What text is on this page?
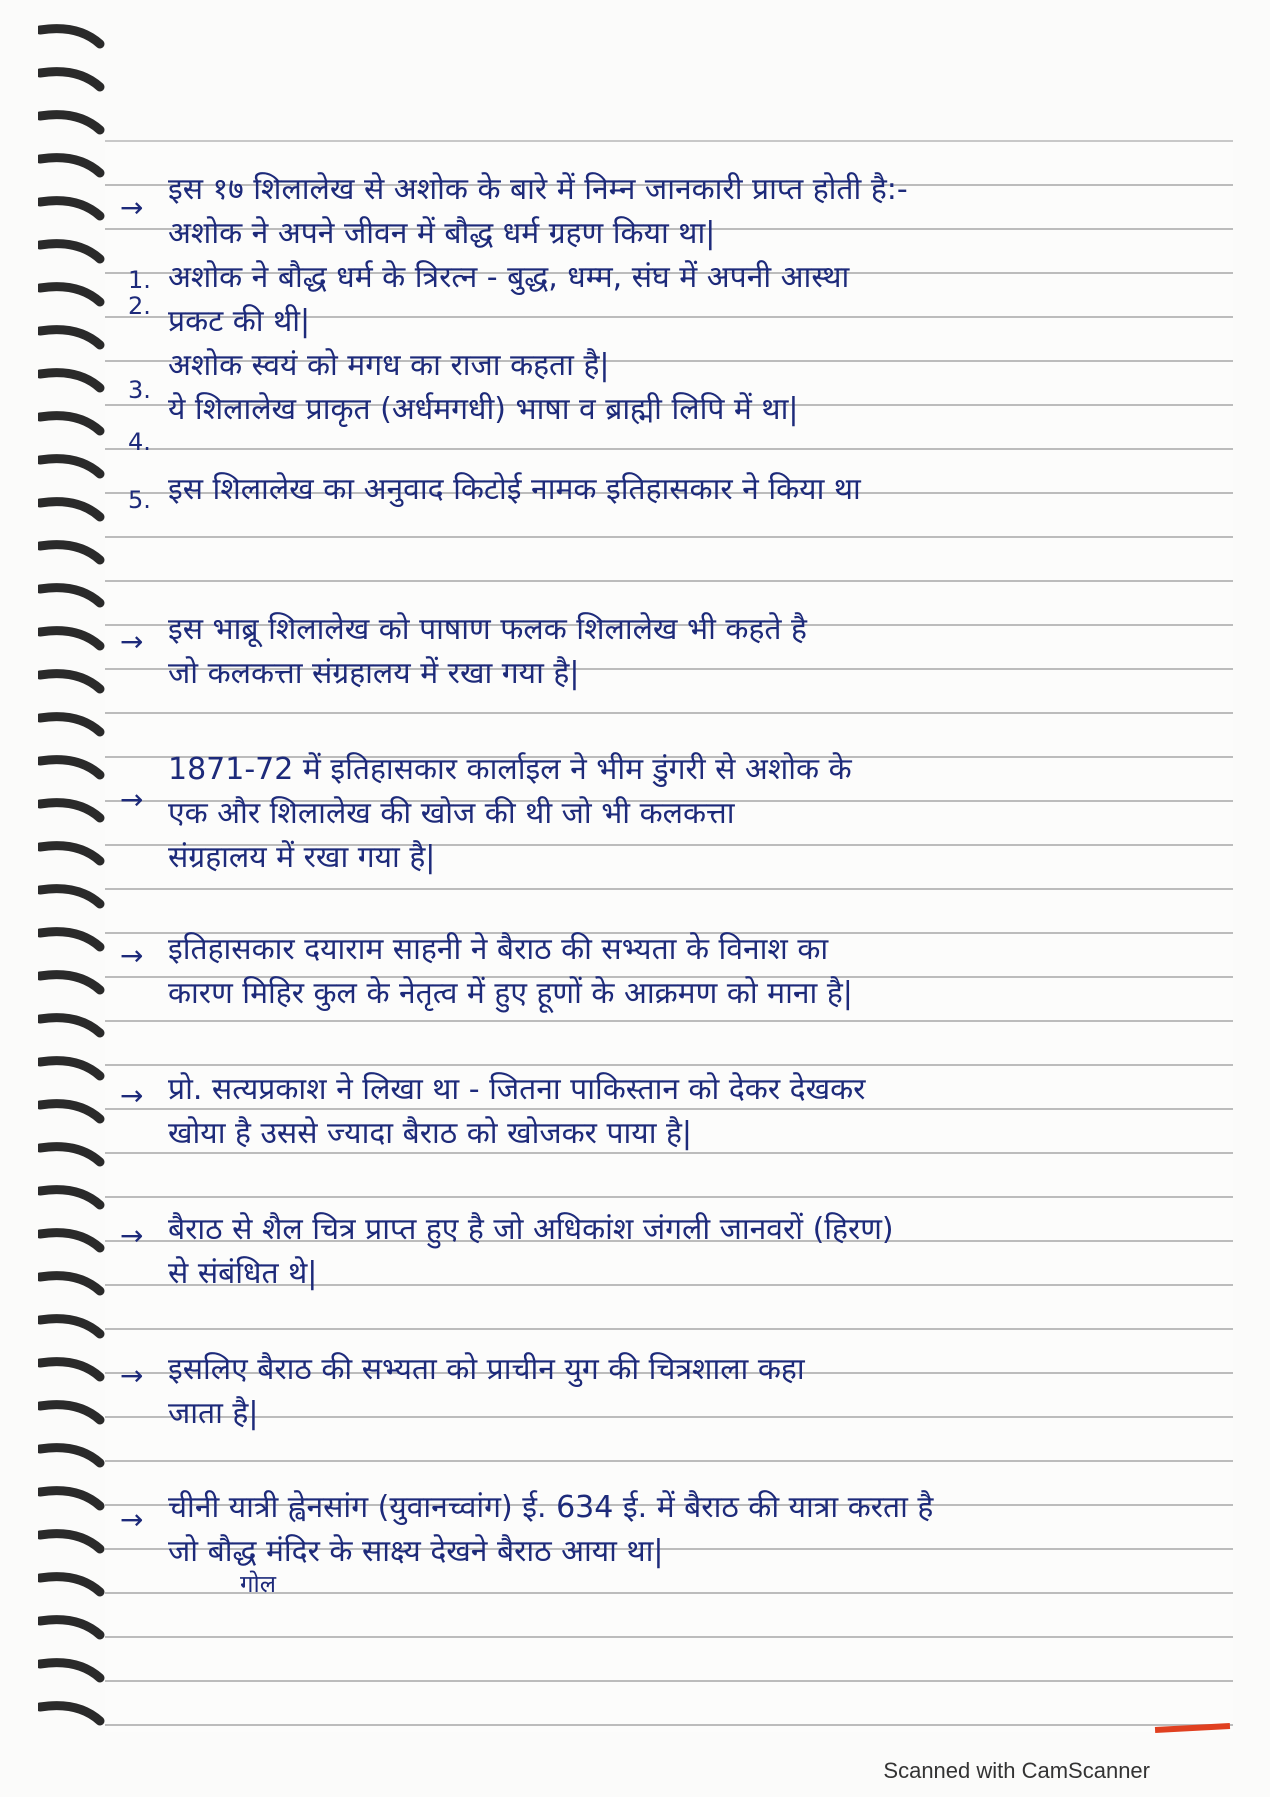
→
इस १७ शिलालेख से अशोक के बारे में निम्न जानकारी प्राप्त होती है:-
1.
अशोक ने अपने जीवन में बौद्ध धर्म ग्रहण किया था|
2.
अशोक ने बौद्ध धर्म के त्रिरत्न - बुद्ध, धम्म, संघ में अपनी आस्था
प्रकट की थी|
3.
अशोक स्वयं को मगध का राजा कहता है|
4.
ये शिलालेख प्राकृत (अर्धमगधी) भाषा व ब्राह्मी लिपि में था|
5. इस शिलालेख का अनुवाद किटोई नामक इतिहासकार ने किया था
→ इस भाब्रू शिलालेख को पाषाण फलक शिलालेख भी कहते है
जो कलकत्ता संग्रहालय में रखा गया है|
→
1871-72 में इतिहासकार कार्लाइल ने भीम डुंगरी से अशोक के
एक और शिलालेख की खोज की थी जो भी कलकत्ता
संग्रहालय में रखा गया है|
→ इतिहासकार दयाराम साहनी ने बैराठ की सभ्यता के विनाश का
कारण मिहिर कुल के नेतृत्व में हुए हूणों के आक्रमण को माना है|
→ प्रो. सत्यप्रकाश ने लिखा था - जितना पाकिस्तान को देकर देखकर
खोया है उससे ज्यादा बैराठ को खोजकर पाया है|
→ बैराठ से शैल चित्र प्राप्त हुए है जो अधिकांश जंगली जानवरों (हिरण)
से संबंधित थे|
→ इसलिए बैराठ की सभ्यता को प्राचीन युग की चित्रशाला कहा
जाता है|
→ चीनी यात्री ह्वेनसांग (युवानच्वांग) ई. 634 ई. में बैराठ की यात्रा करता है
जो बौद्ध मंदिर के साक्ष्य देखने बैराठ आया था|
गोल
Scanned with CamScanner
